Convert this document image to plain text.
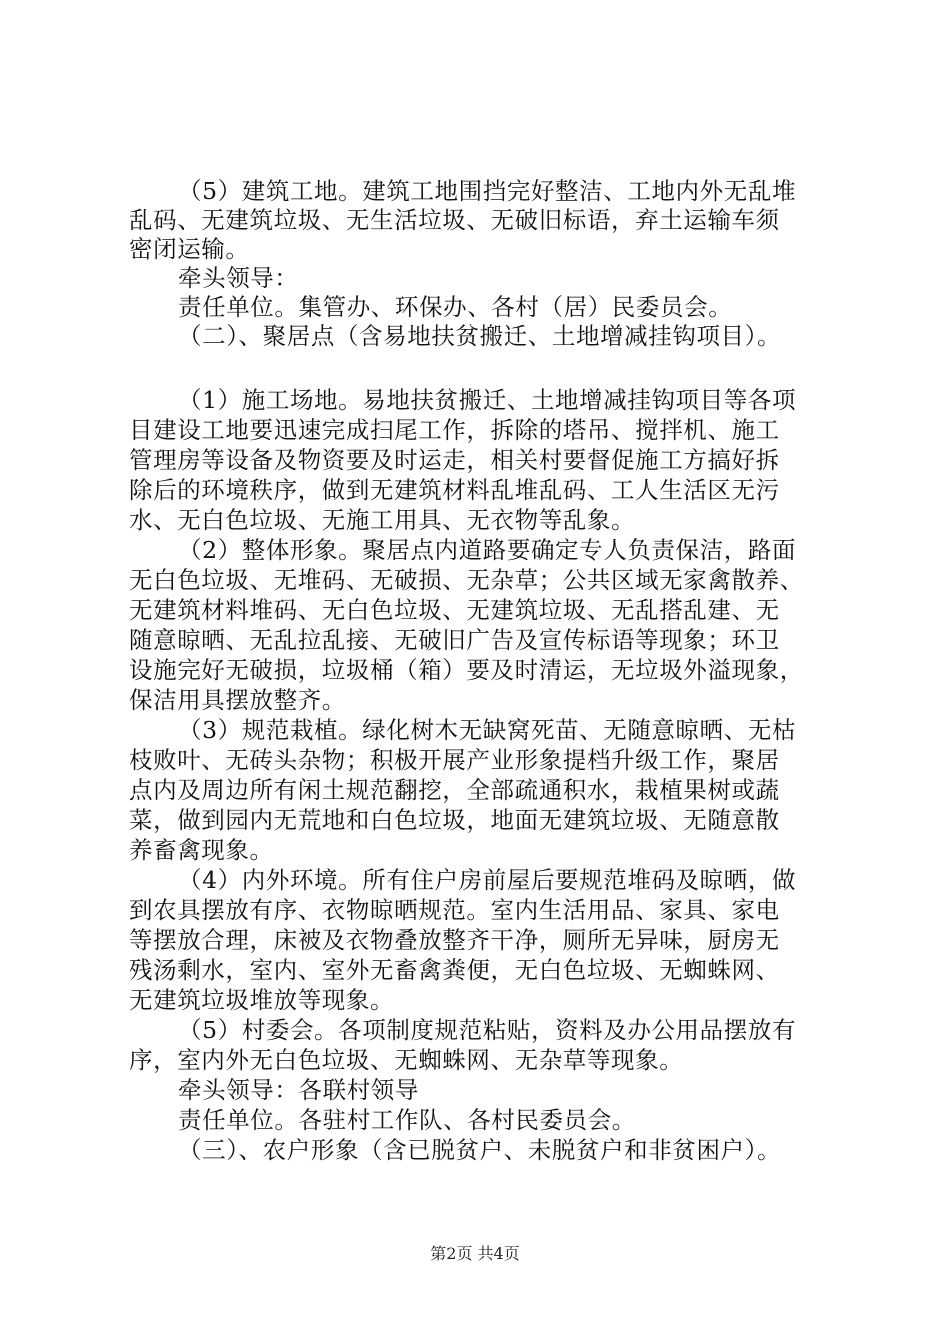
（5）建筑工地。建筑工地围挡完好整洁、工地内外无乱堆
乱码、无建筑垃圾、无生活垃圾、无破旧标语，弃土运输车须
密闭运输。
牵头领导：
责任单位。集管办、环保办、各村（居）民委员会。
（二）、聚居点（含易地扶贫搬迁、土地增减挂钩项目）。
（1）施工场地。易地扶贫搬迁、土地增减挂钩项目等各项
目建设工地要迅速完成扫尾工作，拆除的塔吊、搅拌机、施工
管理房等设备及物资要及时运走，相关村要督促施工方搞好拆
除后的环境秩序，做到无建筑材料乱堆乱码、工人生活区无污
水、无白色垃圾、无施工用具、无衣物等乱象。
（2）整体形象。聚居点内道路要确定专人负责保洁，路面
无白色垃圾、无堆码、无破损、无杂草；公共区域无家禽散养、
无建筑材料堆码、无白色垃圾、无建筑垃圾、无乱搭乱建、无
随意晾晒、无乱拉乱接、无破旧广告及宣传标语等现象；环卫
设施完好无破损，垃圾桶（箱）要及时清运，无垃圾外溢现象，
保洁用具摆放整齐。
（3）规范栽植。绿化树木无缺窝死苗、无随意晾晒、无枯
枝败叶、无砖头杂物；积极开展产业形象提档升级工作，聚居
点内及周边所有闲土规范翻挖，全部疏通积水，栽植果树或蔬
菜，做到园内无荒地和白色垃圾，地面无建筑垃圾、无随意散
养畜禽现象。
（4）内外环境。所有住户房前屋后要规范堆码及晾晒，做
到农具摆放有序、衣物晾晒规范。室内生活用品、家具、家电
等摆放合理，床被及衣物叠放整齐干净，厕所无异味，厨房无
残汤剩水，室内、室外无畜禽粪便，无白色垃圾、无蜘蛛网、
无建筑垃圾堆放等现象。
（5）村委会。各项制度规范粘贴，资料及办公用品摆放有
序，室内外无白色垃圾、无蜘蛛网、无杂草等现象。
牵头领导：各联村领导
责任单位。各驻村工作队、各村民委员会。
（三）、农户形象（含已脱贫户、未脱贫户和非贫困户）。
第2页 共4页
